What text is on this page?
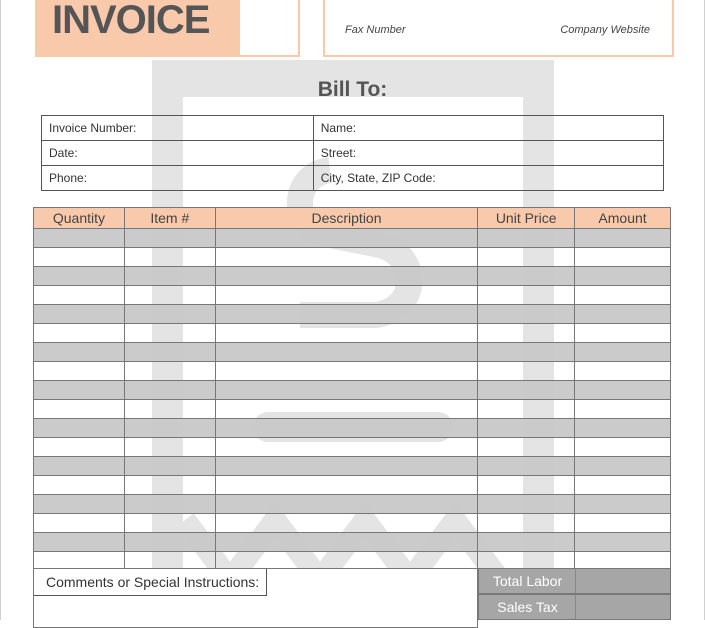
INVOICE	Fax Number	Company Website
Bill To:
Invoice Number:	Name:
Date:	Street:
Phone:	City, State, ZIP Code:
Quantity	Item #	Description	Unit Price	Amount

Comments or Special Instructions:	Total Labor
Sales Tax
